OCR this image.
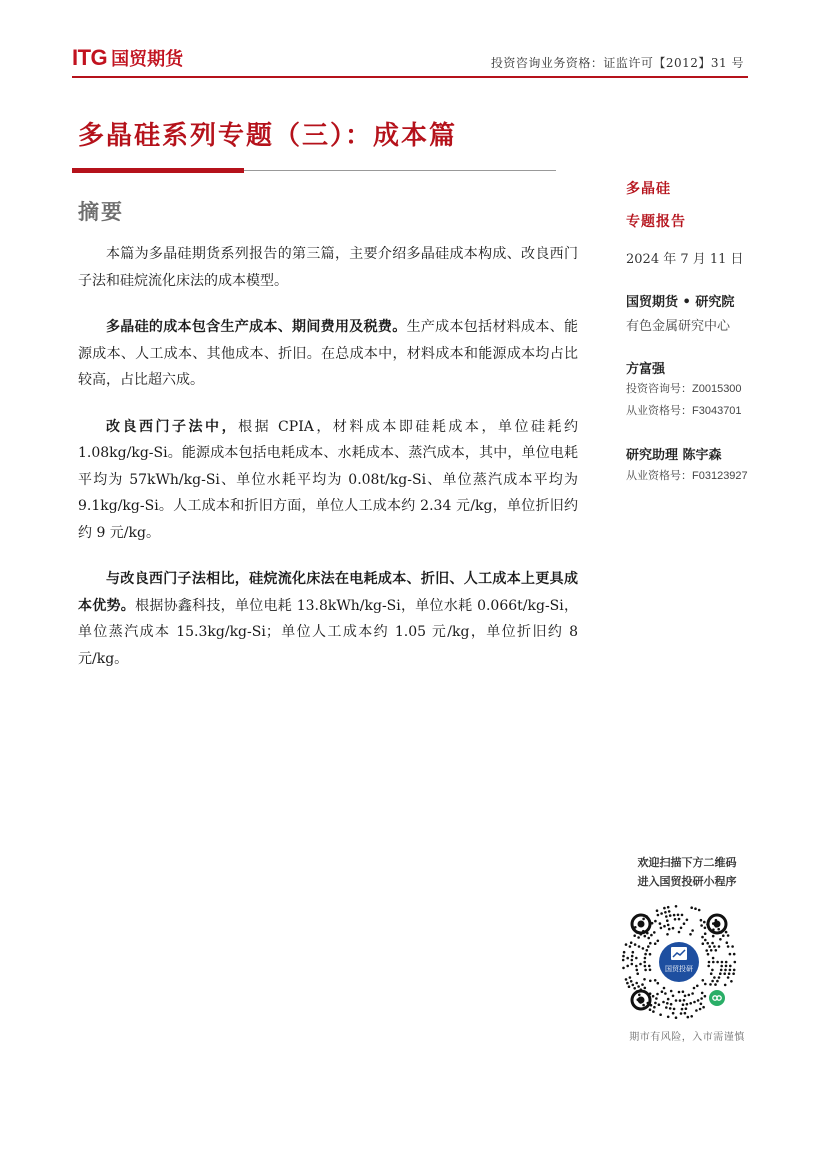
ITG 国贸期货	投资咨询业务资格：证监许可【2012】31 号
多晶硅系列专题（三）：成本篇
摘要

本篇为多晶硅期货系列报告的第三篇，主要介绍多晶硅成本构成、改良西门子法和硅烷流化床法的成本模型。

多晶硅的成本包含生产成本、期间费用及税费。生产成本包括材料成本、能源成本、人工成本、其他成本、折旧。在总成本中，材料成本和能源成本均占比较高，占比超六成。

改良西门子法中，根据 CPIA，材料成本即硅耗成本，单位硅耗约 1.08kg/kg-Si。能源成本包括电耗成本、水耗成本、蒸汽成本，其中，单位电耗平均为 57kWh/kg-Si、单位水耗平均为 0.08t/kg-Si、单位蒸汽成本平均为 9.1kg/kg-Si。人工成本和折旧方面，单位人工成本约 2.34 元/kg，单位折旧约约 9 元/kg。

与改良西门子法相比，硅烷流化床法在电耗成本、折旧、人工成本上更具成本优势。根据协鑫科技，单位电耗 13.8kWh/kg-Si，单位水耗 0.066t/kg-Si，单位蒸汽成本 15.3kg/kg-Si；单位人工成本约 1.05 元/kg，单位折旧约 8 元/kg。

多晶硅
专题报告
2024 年 7 月 11 日
国贸期货 • 研究院
有色金属研究中心
方富强
投资咨询号：Z0015300
从业资格号：F3043701
研究助理 陈宇森
从业资格号：F03123927
欢迎扫描下方二维码
进入国贸投研小程序
国贸投研
期市有风险，入市需谨慎
